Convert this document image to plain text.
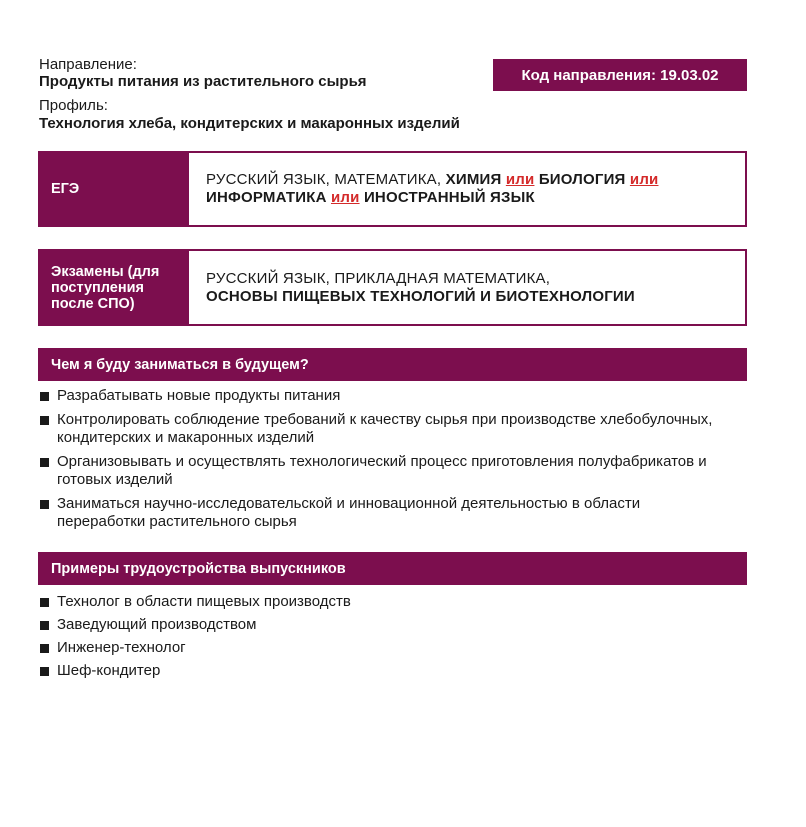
Направление:
Продукты питания из растительного сырья
Профиль:
Технология хлеба, кондитерских и макаронных изделий
Код направления: 19.03.02
ЕГЭ
РУССКИЙ ЯЗЫК, МАТЕМАТИКА, ХИМИЯ или БИОЛОГИЯ или
ИНФОРМАТИКА или ИНОСТРАННЫЙ ЯЗЫК
Экзамены (для поступления после СПО)
РУССКИЙ ЯЗЫК, ПРИКЛАДНАЯ МАТЕМАТИКА,
ОСНОВЫ ПИЩЕВЫХ ТЕХНОЛОГИЙ И БИОТЕХНОЛОГИИ
Чем я буду заниматься в будущем?
Разрабатывать новые продукты питания
Контролировать соблюдение требований к качеству сырья при производстве хлебобулочных, кондитерских и макаронных изделий
Организовывать и осуществлять технологический процесс приготовления полуфабрикатов и готовых изделий
Заниматься научно-исследовательской и инновационной деятельностью в области переработки растительного сырья
Примеры трудоустройства выпускников
Технолог в области пищевых производств
Заведующий производством
Инженер-технолог
Шеф-кондитер
